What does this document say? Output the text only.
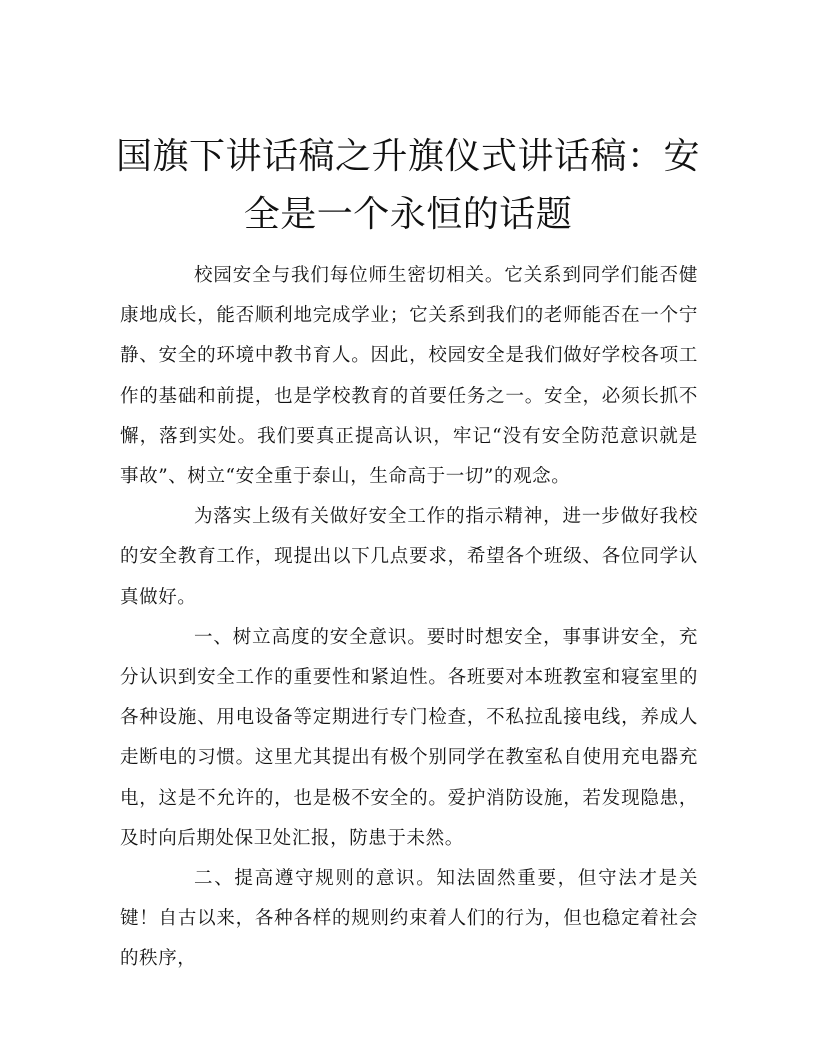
国旗下讲话稿之升旗仪式讲话稿：安全是一个永恒的话题

校园安全与我们每位师生密切相关。它关系到同学们能否健康地成长，能否顺利地完成学业；它关系到我们的老师能否在一个宁静、安全的环境中教书育人。因此，校园安全是我们做好学校各项工作的基础和前提，也是学校教育的首要任务之一。安全，必须长抓不懈，落到实处。我们要真正提高认识，牢记“没有安全防范意识就是事故”、树立“安全重于泰山，生命高于一切”的观念。

为落实上级有关做好安全工作的指示精神，进一步做好我校的安全教育工作，现提出以下几点要求，希望各个班级、各位同学认真做好。

一、树立高度的安全意识。要时时想安全，事事讲安全，充分认识到安全工作的重要性和紧迫性。各班要对本班教室和寝室里的各种设施、用电设备等定期进行专门检查，不私拉乱接电线，养成人走断电的习惯。这里尤其提出有极个别同学在教室私自使用充电器充电，这是不允许的，也是极不安全的。爱护消防设施，若发现隐患，及时向后期处保卫处汇报，防患于未然。

二、提高遵守规则的意识。知法固然重要，但守法才是关键！自古以来，各种各样的规则约束着人们的行为，但也稳定着社会的秩序，
